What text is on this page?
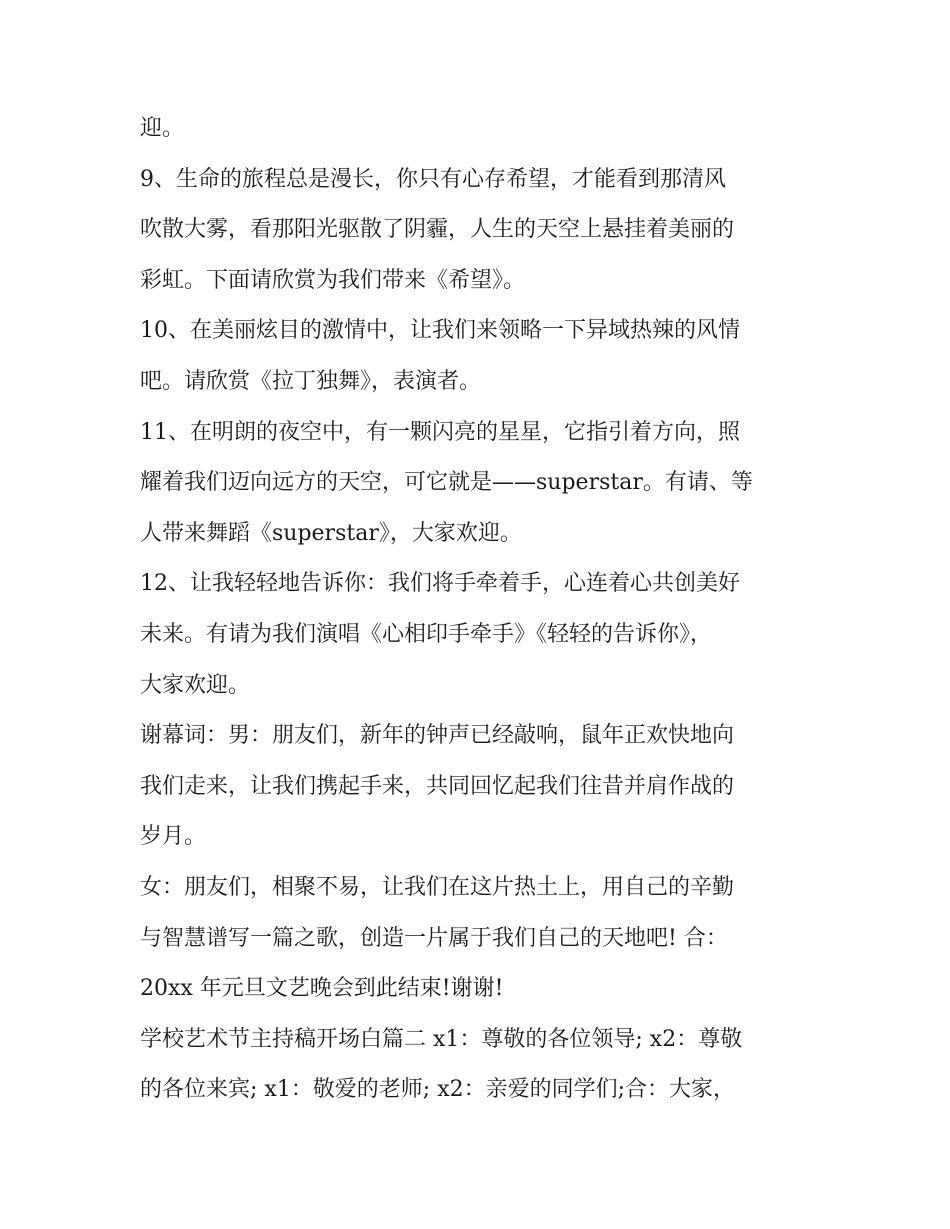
迎。
9、生命的旅程总是漫长，你只有心存希望，才能看到那清风
吹散大雾，看那阳光驱散了阴霾，人生的天空上悬挂着美丽的
彩虹。下面请欣赏为我们带来《希望》。
10、在美丽炫目的激情中，让我们来领略一下异域热辣的风情
吧。请欣赏《拉丁独舞》，表演者。
11、在明朗的夜空中，有一颗闪亮的星星，它指引着方向，照
耀着我们迈向远方的天空，可它就是——superstar。有请、等
人带来舞蹈《superstar》，大家欢迎。
12、让我轻轻地告诉你：我们将手牵着手，心连着心共创美好
未来。有请为我们演唱《心相印手牵手》《轻轻的告诉你》，
大家欢迎。
谢幕词：男：朋友们，新年的钟声已经敲响，鼠年正欢快地向
我们走来，让我们携起手来，共同回忆起我们往昔并肩作战的
岁月。
女：朋友们，相聚不易，让我们在这片热土上，用自己的辛勤
与智慧谱写一篇之歌，创造一片属于我们自己的天地吧! 合：
20xx 年元旦文艺晚会到此结束!谢谢!
学校艺术节主持稿开场白篇二 x1：尊敬的各位领导; x2：尊敬
的各位来宾; x1：敬爱的老师; x2：亲爱的同学们;合：大家，
